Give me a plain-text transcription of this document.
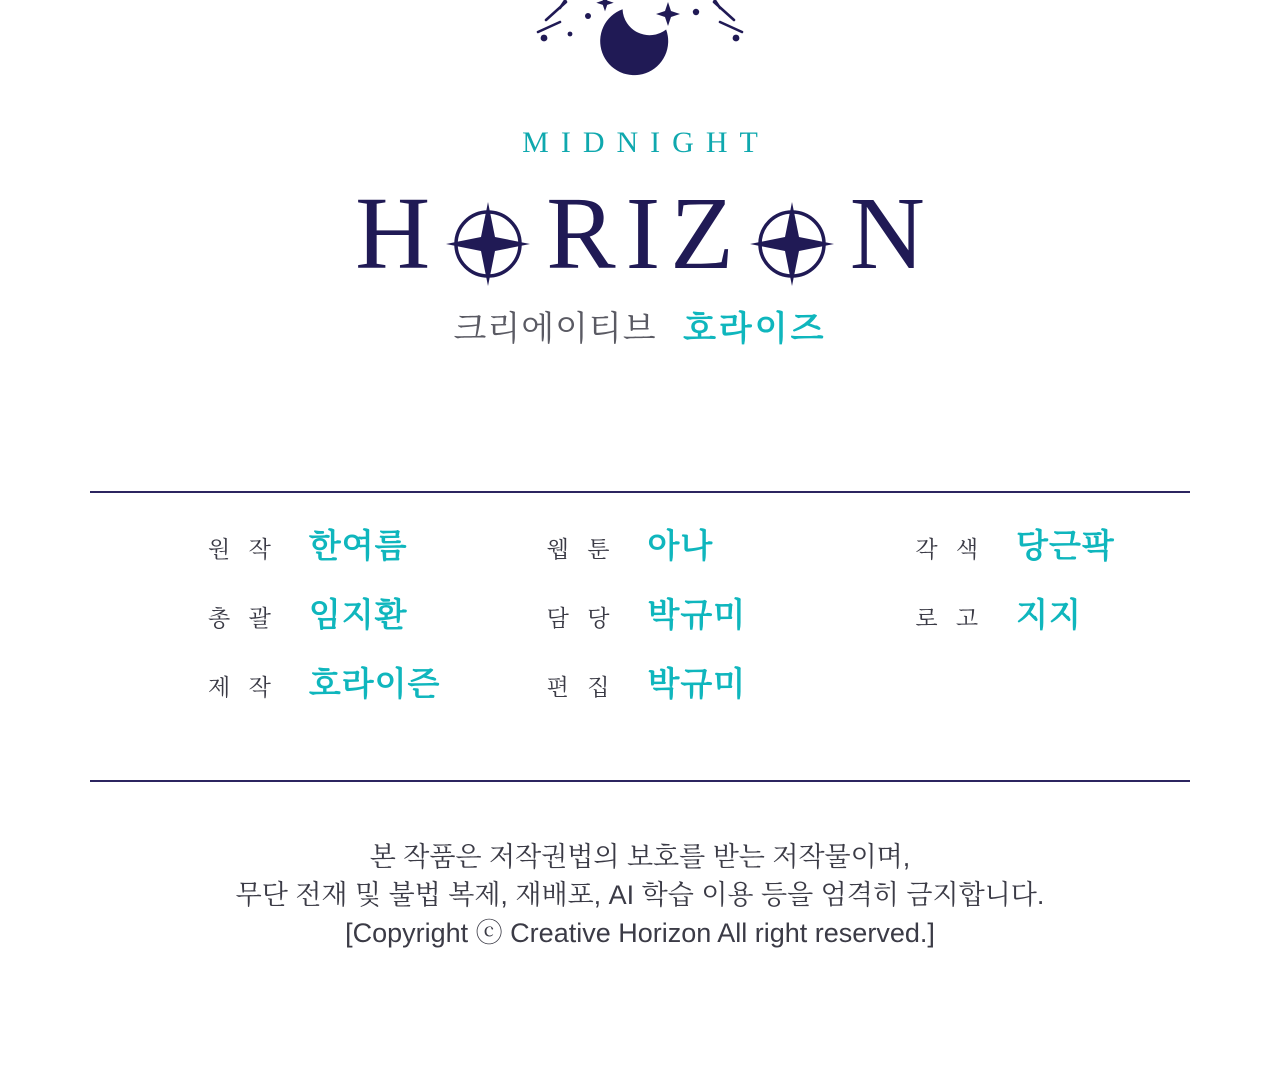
MIDNIGHT
H RIZ N
크리에이티브 호라이즈
원 작 한여름	웹 툰 아나	각 색 당근팍
총 괄 임지환	담 당 박규미	로 고 지지
제 작 호라이즌	편 집 박규미
본 작품은 저작권법의 보호를 받는 저작물이며,
무단 전재 및 불법 복제, 재배포, AI 학습 이용 등을 엄격히 금지합니다.
[Copyright ⓒ Creative Horizon All right reserved.]
